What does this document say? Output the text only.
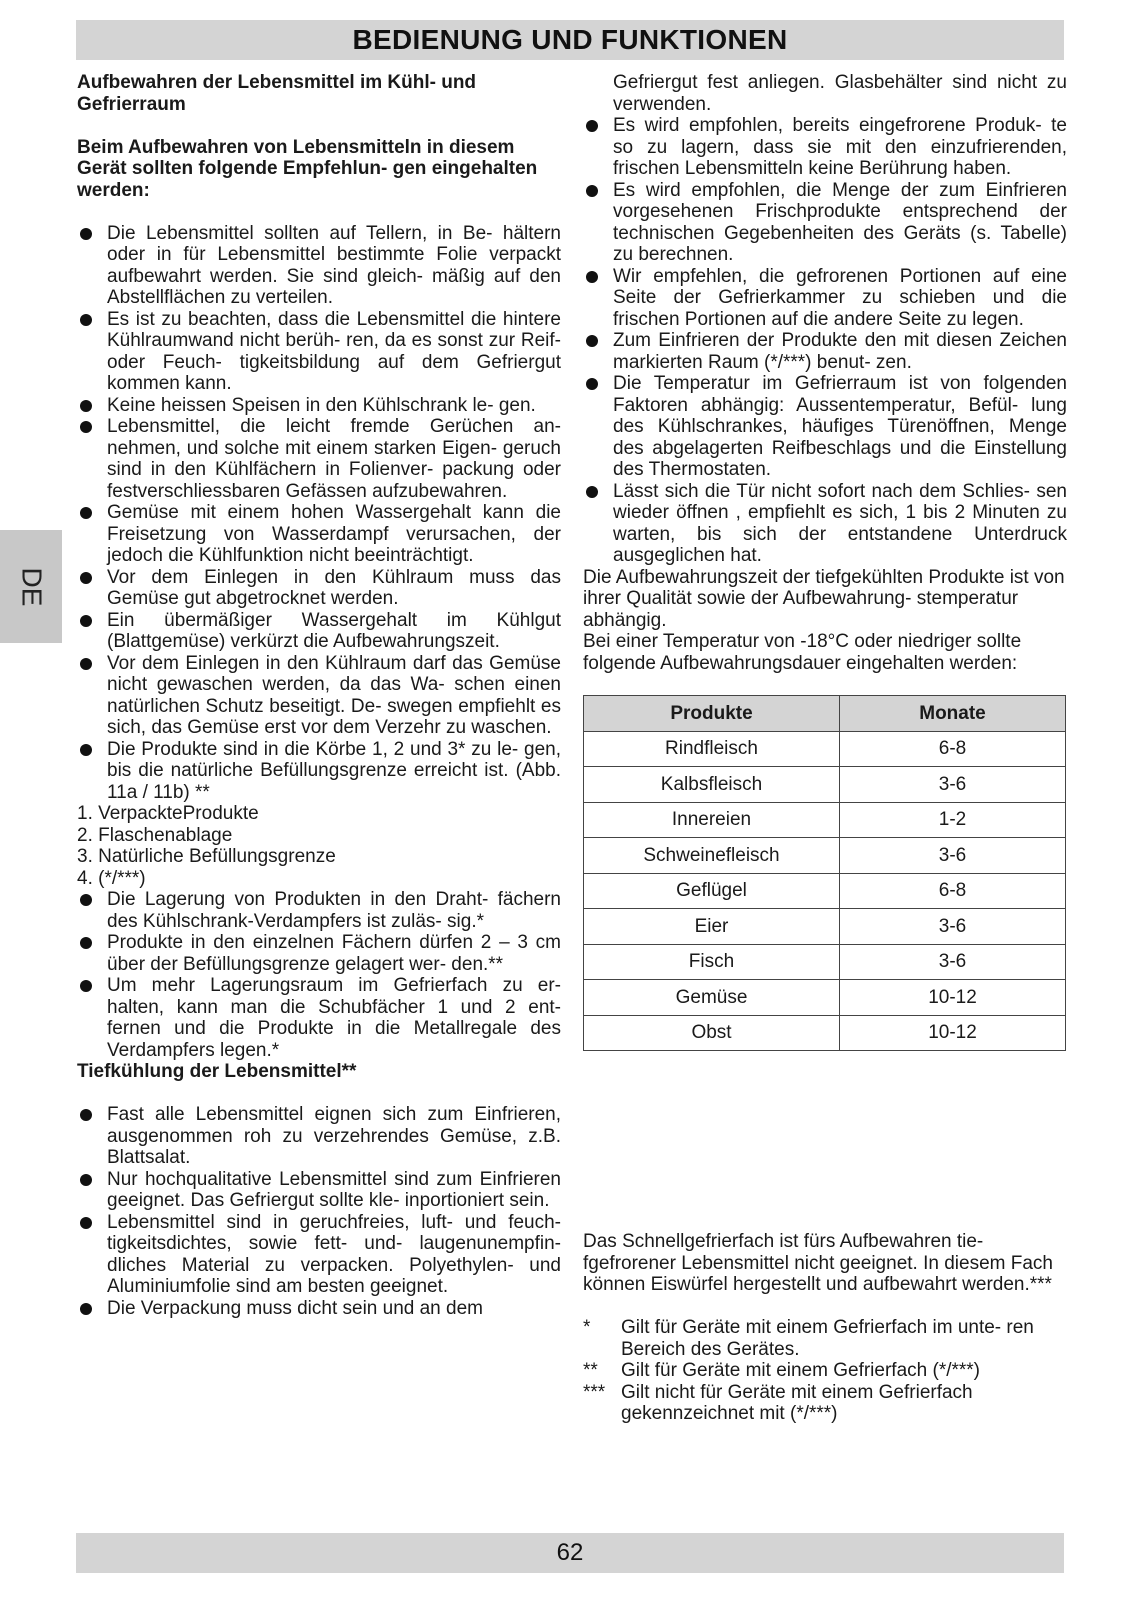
BEDIENUNG UND FUNKTIONEN
DE

Aufbewahren der Lebensmittel im Kühl- und Gefrierraum

Beim Aufbewahren von Lebensmitteln in diesem Gerät sollten folgende Empfehlun- gen eingehalten werden:

Die Lebensmittel sollten auf Tellern, in Be- hältern oder in für Lebensmittel bestimmte Folie verpackt aufbewahrt werden. Sie sind gleich- mäßig auf den Abstellflächen zu verteilen.
Es ist zu beachten, dass die Lebensmittel die hintere Kühlraumwand nicht berüh- ren, da es sonst zur Reif- oder Feuch- tigkeitsbildung auf dem Gefriergut kommen kann.
Keine heissen Speisen in den Kühlschrank le- gen.
Lebensmittel, die leicht fremde Gerüchen an- nehmen, und solche mit einem starken Eigen- geruch sind in den Kühlfächern in Folienver- packung oder festverschliessbaren Gefässen aufzubewahren.
Gemüse mit einem hohen Wassergehalt kann die Freisetzung von Wasserdampf verursachen, der jedoch die Kühlfunktion nicht beeinträchtigt.
Vor dem Einlegen in den Kühlraum muss das Gemüse gut abgetrocknet werden.
Ein übermäßiger Wassergehalt im Kühlgut (Blattgemüse) verkürzt die Aufbewahrungszeit.
Vor dem Einlegen in den Kühlraum darf das Gemüse nicht gewaschen werden, da das Wa- schen einen natürlichen Schutz beseitigt. De- swegen empfiehlt es sich, das Gemüse erst vor dem Verzehr zu waschen.
Die Produkte sind in die Körbe 1, 2 und 3* zu le- gen, bis die natürliche Befüllungsgrenze erreicht ist. (Abb. 11a / 11b) **
1. VerpackteProdukte
2. Flaschenablage
3. Natürliche Befüllungsgrenze
4. (*/***)
Die Lagerung von Produkten in den Draht- fächern des Kühlschrank-Verdampfers ist zuläs- sig.*
Produkte in den einzelnen Fächern dürfen 2 – 3 cm über der Befüllungsgrenze gelagert wer- den.**
Um mehr Lagerungsraum im Gefrierfach zu er- halten, kann man die Schubfächer 1 und 2 ent- fernen und die Produkte in die Metallregale des Verdampfers legen.*

Tiefkühlung der Lebensmittel**

Fast alle Lebensmittel eignen sich zum Einfrieren, ausgenommen roh zu verzehrendes Gemüse, z.B. Blattsalat.
Nur hochqualitative Lebensmittel sind zum Einfrieren geeignet. Das Gefriergut sollte kle- inportioniert sein.
Lebensmittel sind in geruchfreies, luft- und feuch- tigkeitsdichtes, sowie fett- und- laugenunempfin- dliches Material zu verpacken. Polyethylen- und Aluminiumfolie sind am besten geeignet.
Die Verpackung muss dicht sein und an dem

Gefriergut fest anliegen. Glasbehälter sind nicht zu verwenden.

Es wird empfohlen, bereits eingefrorene Produk- te so zu lagern, dass sie mit den einzufrierenden, frischen Lebensmitteln keine Berührung haben.
Es wird empfohlen, die Menge der zum Einfrieren vorgesehenen Frischprodukte entsprechend der technischen Gegebenheiten des Geräts (s. Tabelle) zu berechnen.
Wir empfehlen, die gefrorenen Portionen auf eine Seite der Gefrierkammer zu schieben und die frischen Portionen auf die andere Seite zu legen.
Zum Einfrieren der Produkte den mit diesen Zeichen markierten Raum (*/***) benut- zen.
Die Temperatur im Gefrierraum ist von folgenden Faktoren abhängig: Aussentemperatur, Befül- lung des Kühlschrankes, häufiges Türenöffnen, Menge des abgelagerten Reifbeschlags und die Einstellung des Thermostaten.
Lässt sich die Tür nicht sofort nach dem Schlies- sen wieder öffnen , empfiehlt es sich, 1 bis 2 Minuten zu warten, bis sich der entstandene Unterdruck ausgeglichen hat.

Die Aufbewahrungszeit der tiefgekühlten Produkte ist von ihrer Qualität sowie der Aufbewahrung- stemperatur abhängig.

Bei einer Temperatur von -18°C oder niedriger sollte folgende Aufbewahrungsdauer eingehalten werden:

Produkte	Monate
Rindfleisch	6-8
Kalbsfleisch	3-6
Innereien	1-2
Schweinefleisch	3-6
Geflügel	6-8
Eier	3-6
Fisch	3-6
Gemüse	10-12
Obst	10-12

Das Schnellgefrierfach ist fürs Aufbewahren tie- fgefrorener Lebensmittel nicht geeignet. In diesem Fach können Eiswürfel hergestellt und aufbewahrt werden.***

*	Gilt für Geräte mit einem Gefrierfach im unte- ren Bereich des Gerätes.
**	Gilt für Geräte mit einem Gefrierfach (*/***)
*** Gilt nicht für Geräte mit einem Gefrierfach gekennzeichnet mit (*/***)
62
